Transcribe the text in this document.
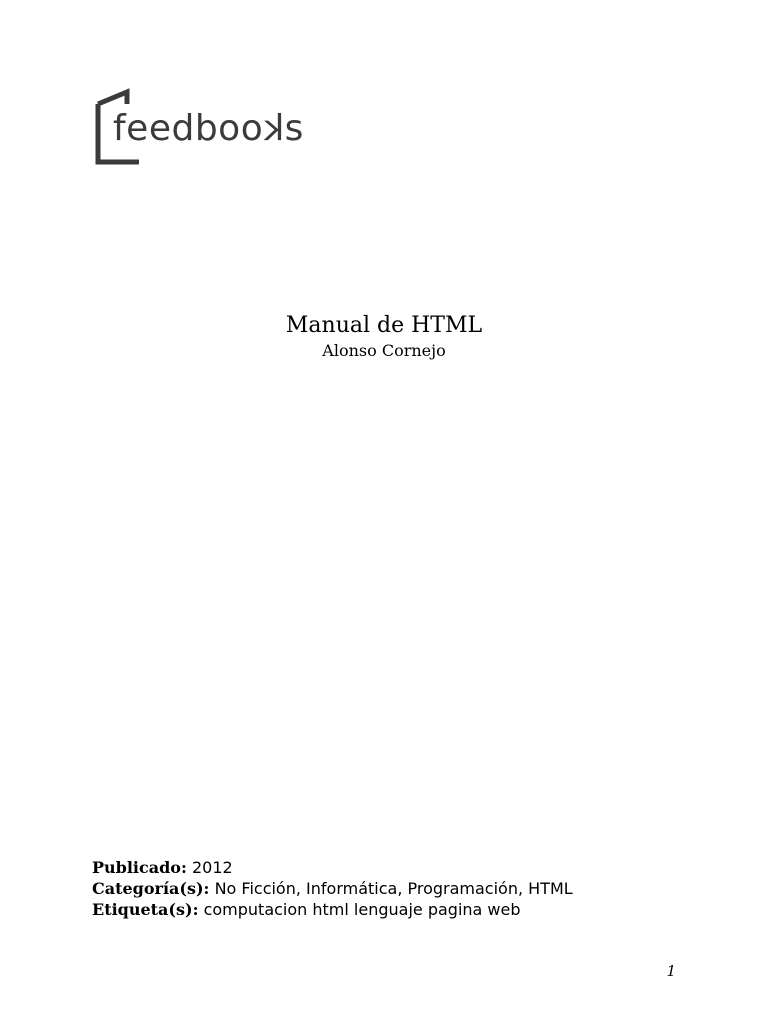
feedbooks
Manual de HTML
Alonso Cornejo
Publicado: 2012
Categoría(s): No Ficción, Informática, Programación, HTML
Etiqueta(s): computacion html lenguaje pagina web
1
